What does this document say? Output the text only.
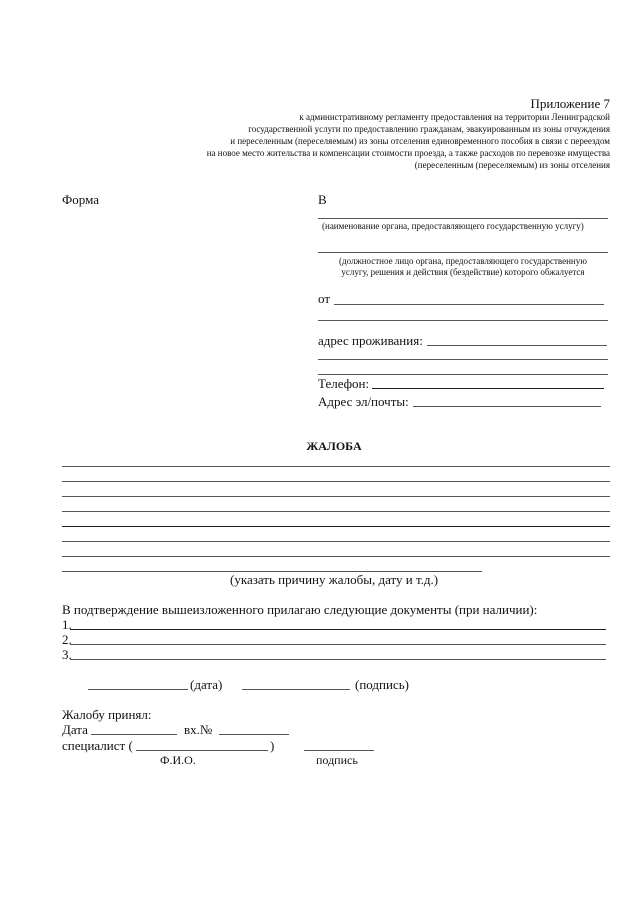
Приложение 7
к административному регламенту предоставления на территории Ленинградской
государственной услуги по предоставлению гражданам, эвакуированным из зоны отчуждения
и переселенным (переселяемым) из зоны отселения единовременного пособия в связи с переездом
на новое место жительства и компенсации стоимости проезда, а также расходов по перевозке имущества
(переселенным (переселяемым) из зоны отселения
Форма	В
(наименование органа, предоставляющего государственную услугу)
(должностное лицо органа, предоставляющего государственную
услугу, решения и действия (бездействие) которого обжалуется
от
адрес проживания:
Телефон:
Адрес эл/почты:
ЖАЛОБА
(указать причину жалобы, дату и т.д.)
В подтверждение вышеизложенного прилагаю следующие документы (при наличии):
1.
2.
3.
(дата)	(подпись)
Жалобу принял:
Дата	вх.№
специалист (	)
Ф.И.О.	подпись
